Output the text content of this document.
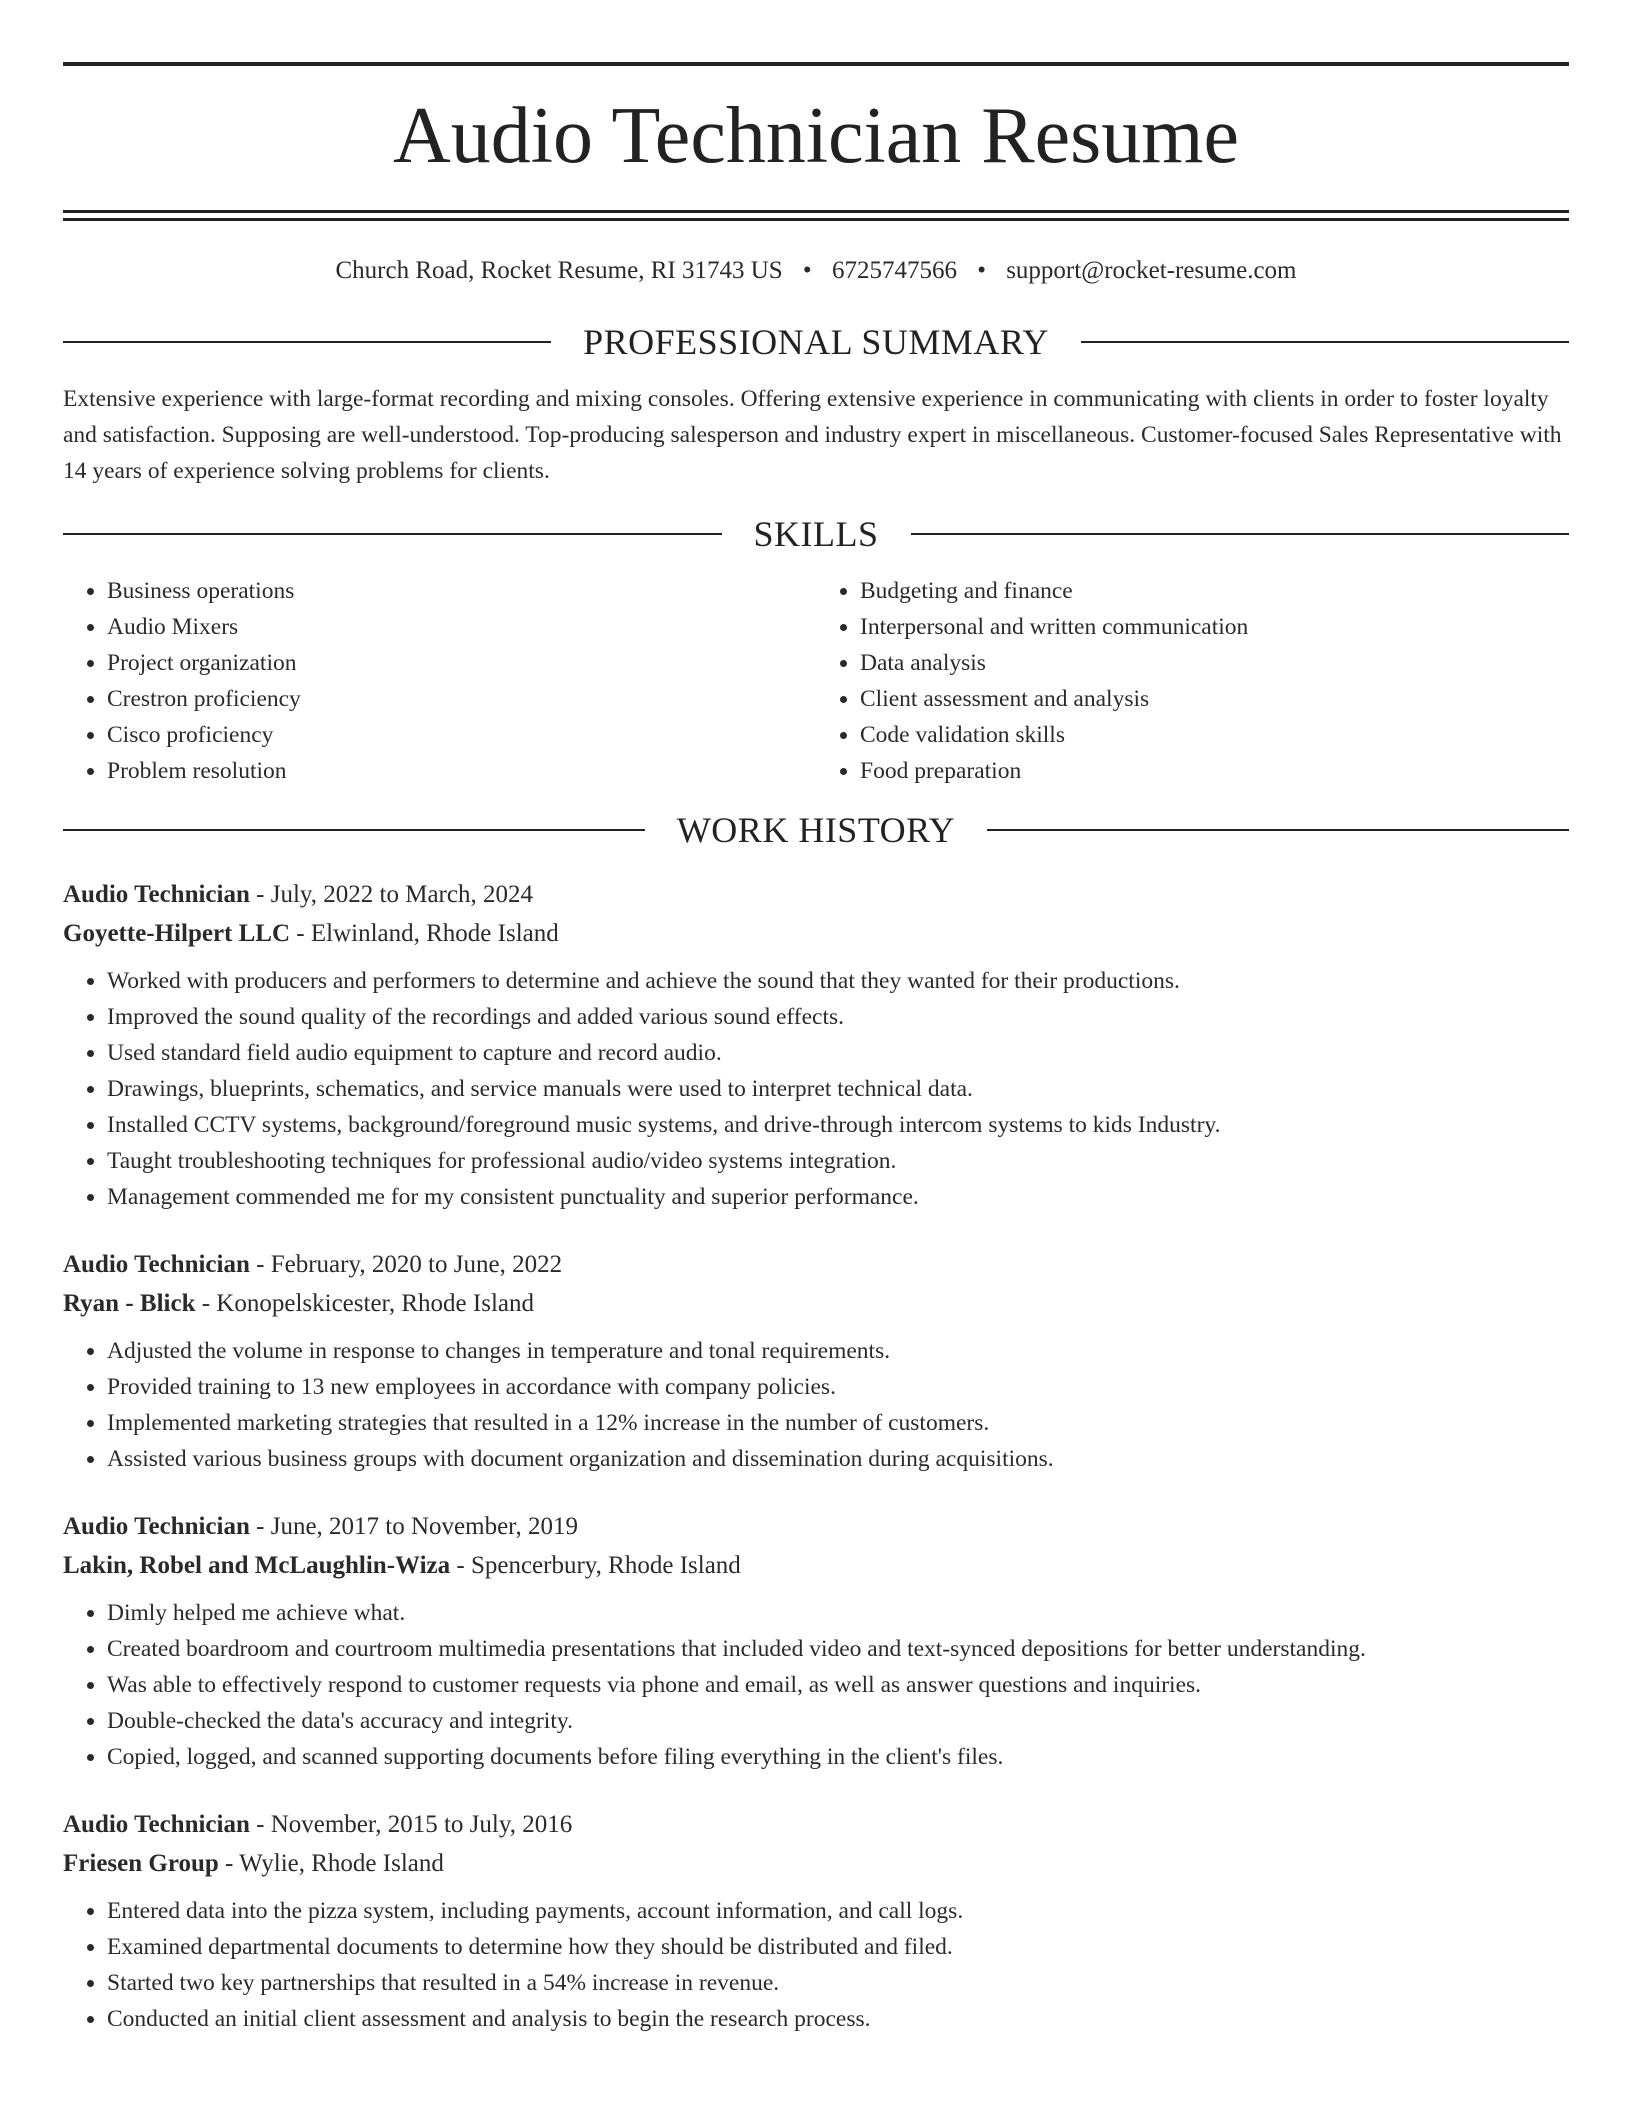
Audio Technician Resume
Church Road, Rocket Resume, RI 31743 US • 6725747566 • support@rocket-resume.com
PROFESSIONAL SUMMARY

Extensive experience with large-format recording and mixing consoles. Offering extensive experience in communicating with clients in order to foster loyalty and satisfaction. Supposing are well-understood. Top-producing salesperson and industry expert in miscellaneous. Customer-focused Sales Representative with 14 years of experience solving problems for clients.

SKILLS
• Business operations
• Audio Mixers
• Project organization
• Crestron proficiency
• Cisco proficiency
• Problem resolution
• Budgeting and finance
• Interpersonal and written communication
• Data analysis
• Client assessment and analysis
• Code validation skills
• Food preparation
WORK HISTORY
Audio Technician - July, 2022 to March, 2024
Goyette-Hilpert LLC - Elwinland, Rhode Island
• Worked with producers and performers to determine and achieve the sound that they wanted for their productions.
• Improved the sound quality of the recordings and added various sound effects.
• Used standard field audio equipment to capture and record audio.
• Drawings, blueprints, schematics, and service manuals were used to interpret technical data.
• Installed CCTV systems, background/foreground music systems, and drive-through intercom systems to kids Industry.
• Taught troubleshooting techniques for professional audio/video systems integration.
• Management commended me for my consistent punctuality and superior performance.
Audio Technician - February, 2020 to June, 2022
Ryan - Blick - Konopelskicester, Rhode Island
• Adjusted the volume in response to changes in temperature and tonal requirements.
• Provided training to 13 new employees in accordance with company policies.
• Implemented marketing strategies that resulted in a 12% increase in the number of customers.
• Assisted various business groups with document organization and dissemination during acquisitions.
Audio Technician - June, 2017 to November, 2019
Lakin, Robel and McLaughlin-Wiza - Spencerbury, Rhode Island
• Dimly helped me achieve what.
• Created boardroom and courtroom multimedia presentations that included video and text-synced depositions for better understanding.
• Was able to effectively respond to customer requests via phone and email, as well as answer questions and inquiries.
• Double-checked the data's accuracy and integrity.
• Copied, logged, and scanned supporting documents before filing everything in the client's files.
Audio Technician - November, 2015 to July, 2016
Friesen Group - Wylie, Rhode Island
• Entered data into the pizza system, including payments, account information, and call logs.
• Examined departmental documents to determine how they should be distributed and filed.
• Started two key partnerships that resulted in a 54% increase in revenue.
• Conducted an initial client assessment and analysis to begin the research process.
